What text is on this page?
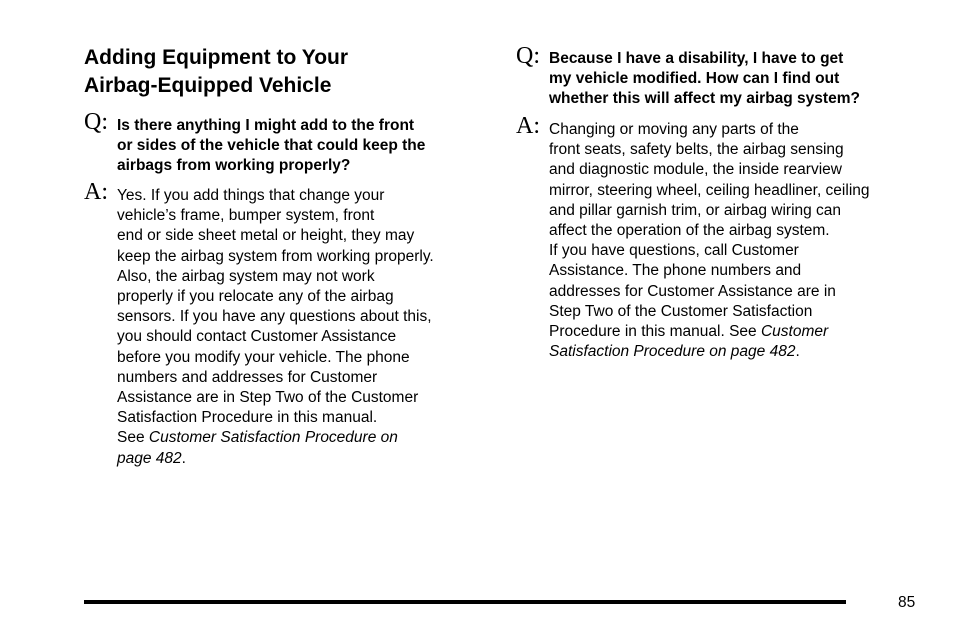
Adding Equipment to Your
Airbag-Equipped Vehicle
Q: Is there anything I might add to the front
or sides of the vehicle that could keep the
airbags from working properly?
A: Yes. If you add things that change your
vehicle’s frame, bumper system, front
end or side sheet metal or height, they may
keep the airbag system from working properly.
Also, the airbag system may not work
properly if you relocate any of the airbag
sensors. If you have any questions about this,
you should contact Customer Assistance
before you modify your vehicle. The phone
numbers and addresses for Customer
Assistance are in Step Two of the Customer
Satisfaction Procedure in this manual.
See Customer Satisfaction Procedure on
page 482.
Q: Because I have a disability, I have to get
my vehicle modified. How can I find out
whether this will affect my airbag system?
A: Changing or moving any parts of the
front seats, safety belts, the airbag sensing
and diagnostic module, the inside rearview
mirror, steering wheel, ceiling headliner, ceiling
and pillar garnish trim, or airbag wiring can
affect the operation of the airbag system.
If you have questions, call Customer
Assistance. The phone numbers and
addresses for Customer Assistance are in
Step Two of the Customer Satisfaction
Procedure in this manual. See Customer
Satisfaction Procedure on page 482.
85
